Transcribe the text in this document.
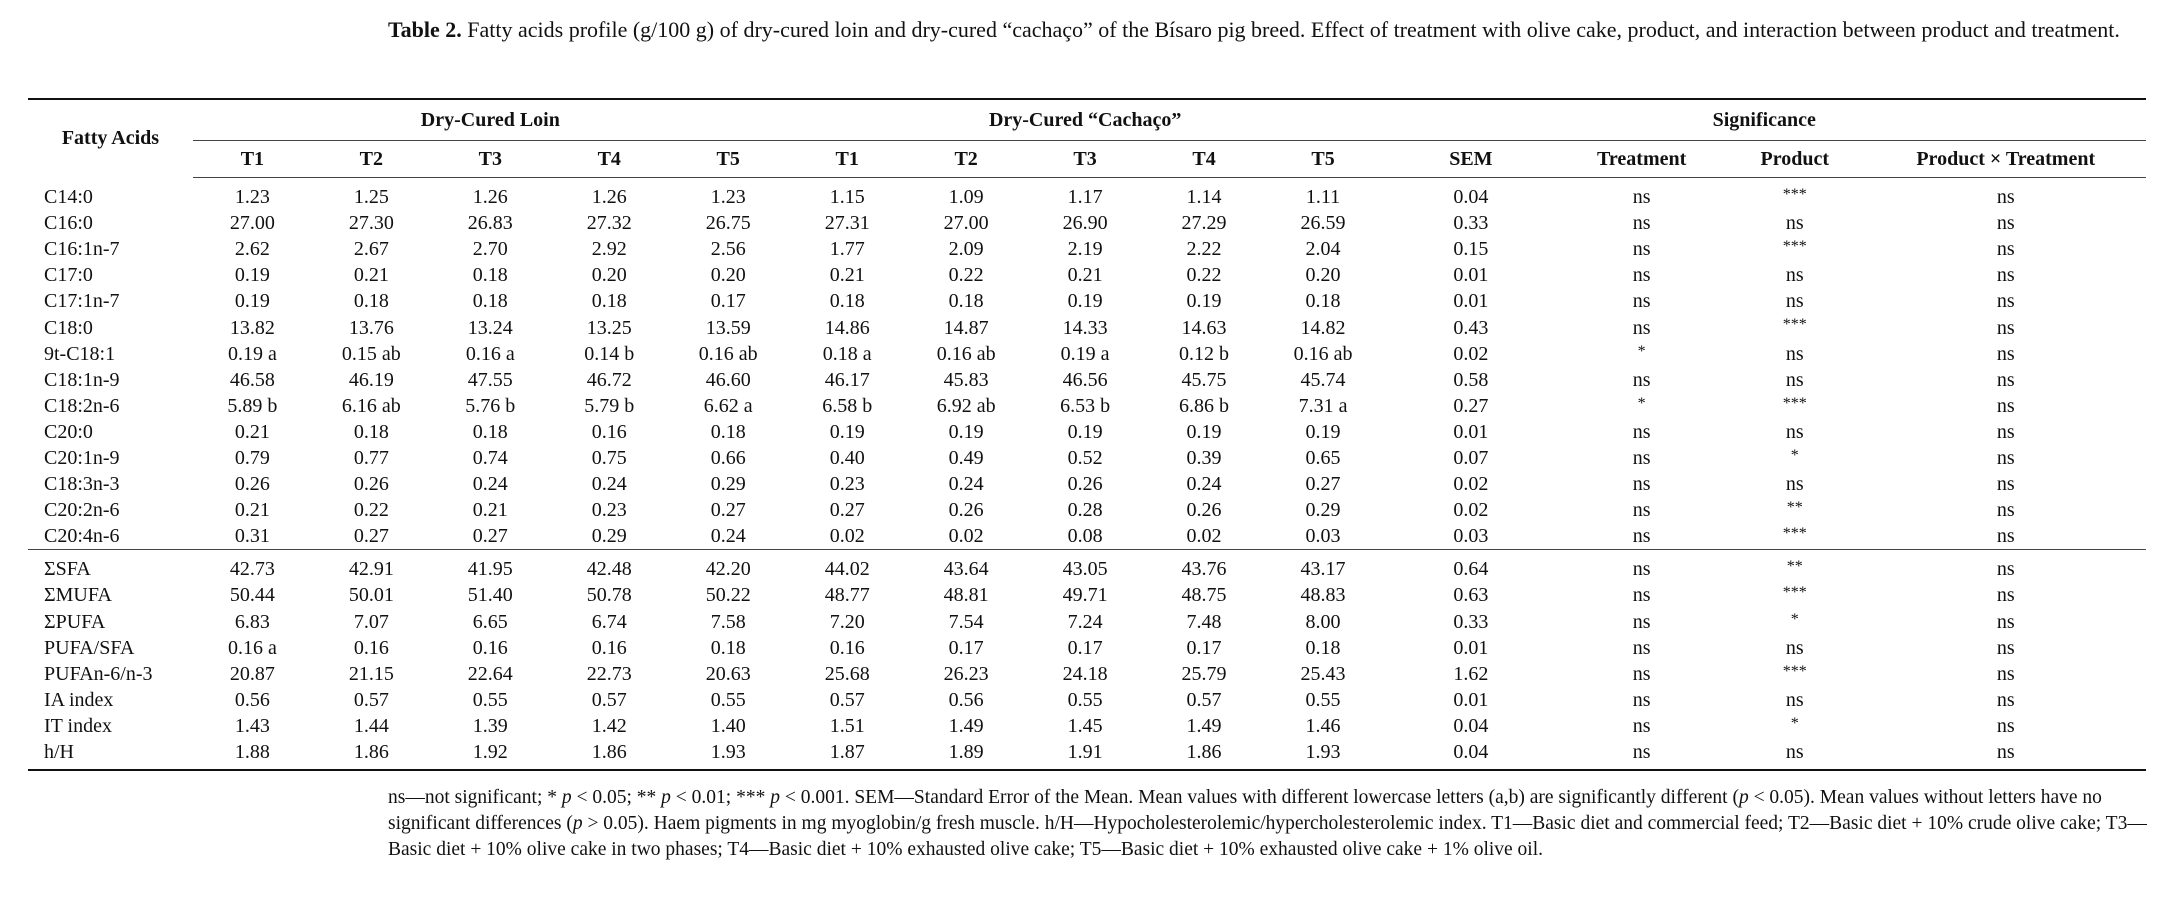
Table 2. Fatty acids profile (g/100 g) of dry-cured loin and dry-cured “cachaço” of the Bísaro pig breed. Effect of treatment with olive cake, product, and interaction between product and treatment.
Fatty Acids	Dry-Cured Loin					Dry-Cured “Cachaço”					Significance			
	T1	T2	T3	T4	T5	T1	T2	T3	T4	T5	SEM	Treatment	Product	Product × Treatment
C14:0	1.23	1.25	1.26	1.26	1.23	1.15	1.09	1.17	1.14	1.11	0.04	ns	***	ns
C16:0	27.00	27.30	26.83	27.32	26.75	27.31	27.00	26.90	27.29	26.59	0.33	ns	ns	ns
C16:1n-7	2.62	2.67	2.70	2.92	2.56	1.77	2.09	2.19	2.22	2.04	0.15	ns	***	ns
C17:0	0.19	0.21	0.18	0.20	0.20	0.21	0.22	0.21	0.22	0.20	0.01	ns	ns	ns
C17:1n-7	0.19	0.18	0.18	0.18	0.17	0.18	0.18	0.19	0.19	0.18	0.01	ns	ns	ns
C18:0	13.82	13.76	13.24	13.25	13.59	14.86	14.87	14.33	14.63	14.82	0.43	ns	***	ns
9t-C18:1	0.19 a	0.15 ab	0.16 a	0.14 b	0.16 ab	0.18 a	0.16 ab	0.19 a	0.12 b	0.16 ab	0.02	*	ns	ns
C18:1n-9	46.58	46.19	47.55	46.72	46.60	46.17	45.83	46.56	45.75	45.74	0.58	ns	ns	ns
C18:2n-6	5.89 b	6.16 ab	5.76 b	5.79 b	6.62 a	6.58 b	6.92 ab	6.53 b	6.86 b	7.31 a	0.27	*	***	ns
C20:0	0.21	0.18	0.18	0.16	0.18	0.19	0.19	0.19	0.19	0.19	0.01	ns	ns	ns
C20:1n-9	0.79	0.77	0.74	0.75	0.66	0.40	0.49	0.52	0.39	0.65	0.07	ns	*	ns
C18:3n-3	0.26	0.26	0.24	0.24	0.29	0.23	0.24	0.26	0.24	0.27	0.02	ns	ns	ns
C20:2n-6	0.21	0.22	0.21	0.23	0.27	0.27	0.26	0.28	0.26	0.29	0.02	ns	**	ns
C20:4n-6	0.31	0.27	0.27	0.29	0.24	0.02	0.02	0.08	0.02	0.03	0.03	ns	***	ns
ΣSFA	42.73	42.91	41.95	42.48	42.20	44.02	43.64	43.05	43.76	43.17	0.64	ns	**	ns
ΣMUFA	50.44	50.01	51.40	50.78	50.22	48.77	48.81	49.71	48.75	48.83	0.63	ns	***	ns
ΣPUFA	6.83	7.07	6.65	6.74	7.58	7.20	7.54	7.24	7.48	8.00	0.33	ns	*	ns
PUFA/SFA	0.16 a	0.16	0.16	0.16	0.18	0.16	0.17	0.17	0.17	0.18	0.01	ns	ns	ns
PUFAn-6/n-3	20.87	21.15	22.64	22.73	20.63	25.68	26.23	24.18	25.79	25.43	1.62	ns	***	ns
IA index	0.56	0.57	0.55	0.57	0.55	0.57	0.56	0.55	0.57	0.55	0.01	ns	ns	ns
IT index	1.43	1.44	1.39	1.42	1.40	1.51	1.49	1.45	1.49	1.46	0.04	ns	*	ns
h/H	1.88	1.86	1.92	1.86	1.93	1.87	1.89	1.91	1.86	1.93	0.04	ns	ns	ns
ns—not significant; * p < 0.05; ** p < 0.01; *** p < 0.001. SEM—Standard Error of the Mean. Mean values with different lowercase letters (a,b) are significantly different (p < 0.05). Mean values without letters have no significant differences (p > 0.05). Haem pigments in mg myoglobin/g fresh muscle. h/H—Hypocholesterolemic/hypercholesterolemic index. T1—Basic diet and commercial feed; T2—Basic diet + 10% crude olive cake; T3—Basic diet + 10% olive cake in two phases; T4—Basic diet + 10% exhausted olive cake; T5—Basic diet + 10% exhausted olive cake + 1% olive oil.
